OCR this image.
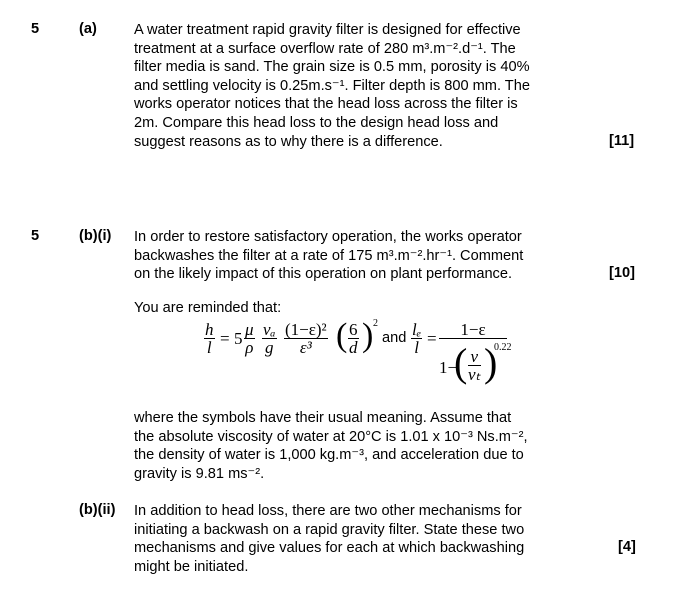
5	(a)	A water treatment rapid gravity filter is designed for effective
treatment at a surface overflow rate of 280 m³.m⁻².d⁻¹. The
filter media is sand. The grain size is 0.5 mm, porosity is 40%
and settling velocity is 0.25m.s⁻¹. Filter depth is 800 mm. The
works operator notices that the head loss across the filter is
2m. Compare this head loss to the design head loss and
suggest reasons as to why there is a difference.	[11]
5	(b)(i) In order to restore satisfactory operation, the works operator
backwashes the filter at a rate of 175 m³.m⁻².hr⁻¹. Comment
on the likely impact of this operation on plant performance.	[10]
You are reminded that:
h
l = 5 μ
ρ
vₐ
g $\frac{\text{(1−ε)²}}{\text{ε³}}$ ( 6
d ) 2
and lₑ
l =	1−ε
1−
( v
vₜ )
0.22
where the symbols have their usual meaning. Assume that
the absolute viscosity of water at 20°C is 1.01 x 10⁻³ Ns.m⁻²,
the density of water is 1,000 kg.m⁻³, and acceleration due to
gravity is 9.81 ms⁻².
(b)(ii) In addition to head loss, there are two other mechanisms for
initiating a backwash on a rapid gravity filter. State these two
mechanisms and give values for each at which backwashing
might be initiated.
[4]
